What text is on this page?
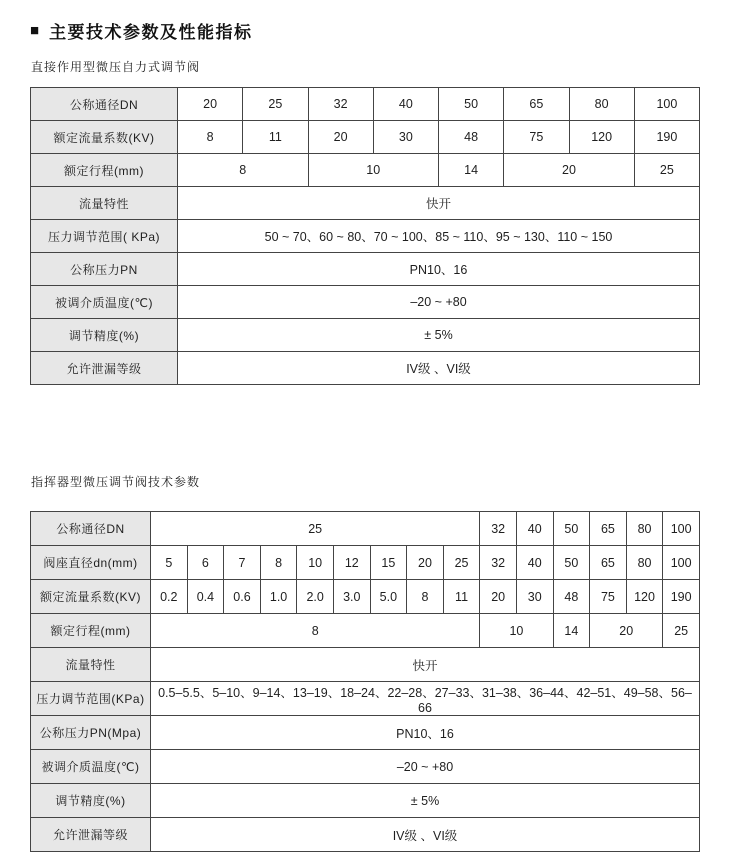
■ 主要技术参数及性能指标
直接作用型微压自力式调节阀
公称通径DN	20	25	32	40	50	65	80	100
额定流量系数(KV)	8	11	20	30	48	75	120	190
额定行程(mm)	8		10		14	20		25
流量特性	快开							
压力调节范围( KPa)	50 ~ 70、60 ~ 80、70 ~ 100、85 ~ 110、95 ~ 130、110 ~ 150							
公称压力PN	PN10、16							
被调介质温度(℃)	–20 ~ +80							
调节精度(%)	± 5%							
允许泄漏等级	IV级 、VI级							
指挥器型微压调节阀技术参数
公称通径DN	25									32	40	50	65	80	100
阀座直径dn(mm)	5	6	7	8	10	12	15	20	25	32	40	50	65	80	100
额定流量系数(KV)	0.2	0.4	0.6	1.0	2.0	3.0	5.0	8	11	20	30	48	75	120	190
额定行程(mm)	8									10		14	20		25
流量特性	快开														
压力调节范围(KPa)	0.5–5.5、5–10、9–14、13–19、18–24、22–28、27–33、31–38、36–44、42–51、49–58、56–66														
公称压力PN(Mpa)	PN10、16														
被调介质温度(℃)	–20 ~ +80														
调节精度(%)	± 5%														
允许泄漏等级	IV级 、VI级														
